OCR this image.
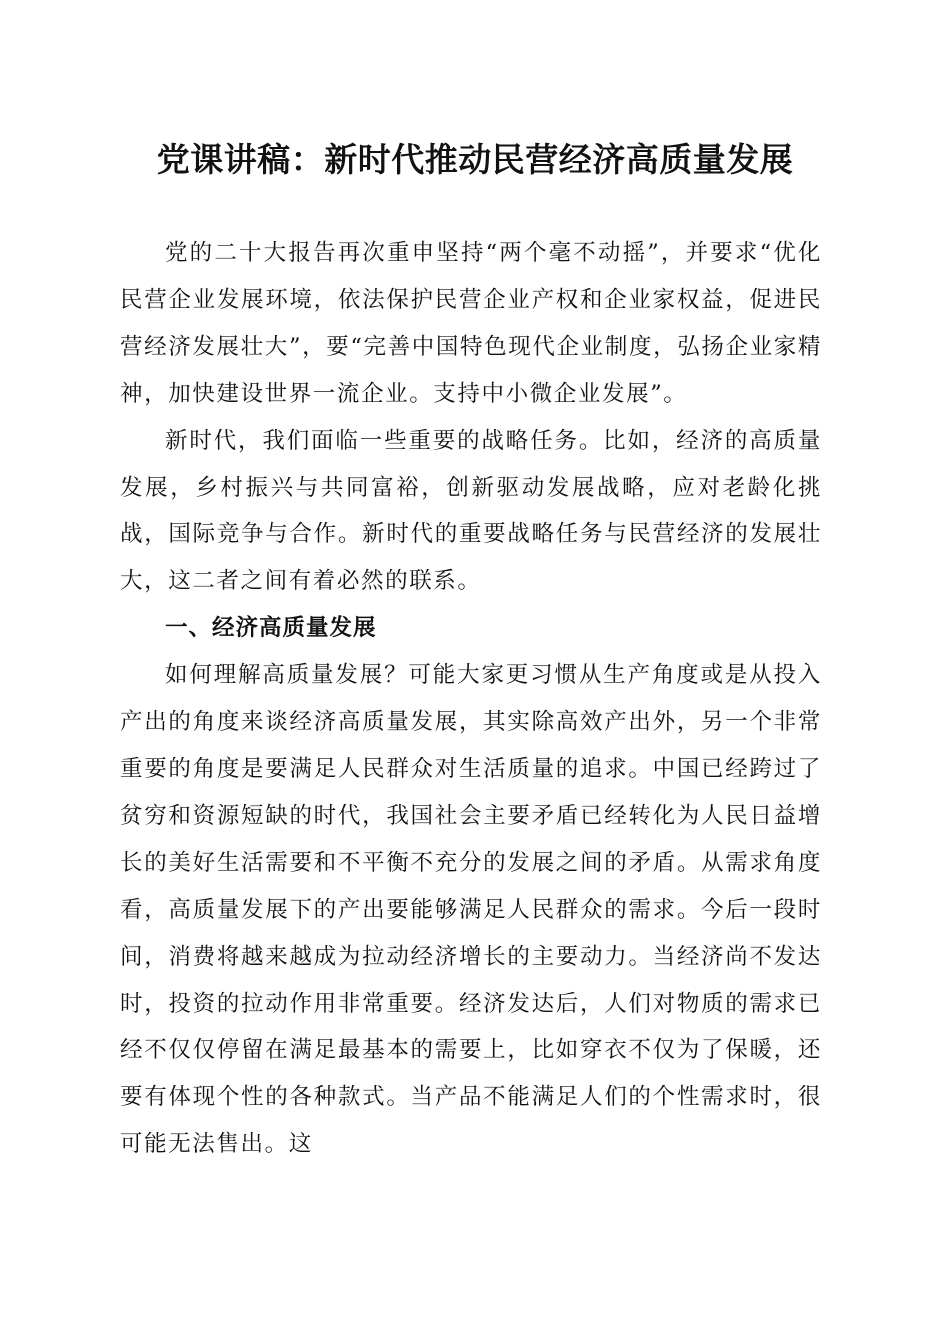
党课讲稿：新时代推动民营经济高质量发展

党的二十大报告再次重申坚持“两个毫不动摇”，并要求“优化民营企业发展环境，依法保护民营企业产权和企业家权益，促进民营经济发展壮大”，要“完善中国特色现代企业制度，弘扬企业家精神，加快建设世界一流企业。支持中小微企业发展”。

新时代，我们面临一些重要的战略任务。比如，经济的高质量发展，乡村振兴与共同富裕，创新驱动发展战略，应对老龄化挑战，国际竞争与合作。新时代的重要战略任务与民营经济的发展壮大，这二者之间有着必然的联系。

一、经济高质量发展

如何理解高质量发展？可能大家更习惯从生产角度或是从投入产出的角度来谈经济高质量发展，其实除高效产出外，另一个非常重要的角度是要满足人民群众对生活质量的追求。中国已经跨过了贫穷和资源短缺的时代，我国社会主要矛盾已经转化为人民日益增长的美好生活需要和不平衡不充分的发展之间的矛盾。从需求角度看，高质量发展下的产出要能够满足人民群众的需求。今后一段时间，消费将越来越成为拉动经济增长的主要动力。当经济尚不发达时，投资的拉动作用非常重要。经济发达后，人们对物质的需求已经不仅仅停留在满足最基本的需要上，比如穿衣不仅为了保暖，还要有体现个性的各种款式。当产品不能满足人们的个性需求时，很可能无法售出。这
